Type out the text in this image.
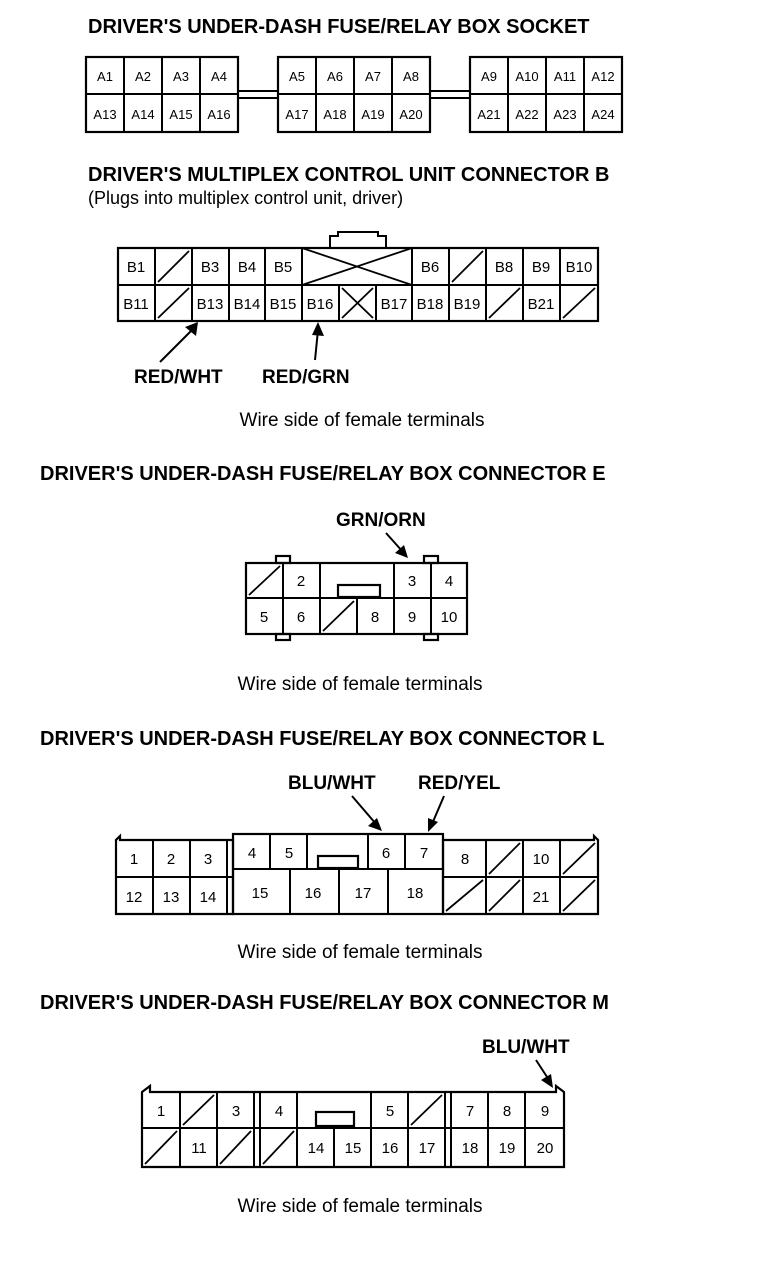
DRIVER'S UNDER-DASH FUSE/RELAY BOX SOCKET
A1 A2 A3 A4
A13 A14 A15 A16
A5 A6 A7 A8
A17 A18 A19 A20
A9 A10 A11 A12
A21 A22 A23 A24
DRIVER'S MULTIPLEX CONTROL UNIT CONNECTOR B
(Plugs into multiplex control unit, driver)
B1	B3 B4 B5	B6	B8 B9 B10
B11	B13 B14 B15 B16	B17 B18 B19	B21
RED/WHT RED/GRN
Wire side of female terminals
DRIVER'S UNDER-DASH FUSE/RELAY BOX CONNECTOR E
GRN/ORN
2	3 4
5 6	8 9 10
Wire side of female terminals
DRIVER'S UNDER-DASH FUSE/RELAY BOX CONNECTOR L
BLU/WHT RED/YEL
1 2 3 4 5	6 7 8	10
12 13 14 15 16 17 18	21
Wire side of female terminals
DRIVER'S UNDER-DASH FUSE/RELAY BOX CONNECTOR M
BLU/WHT
1	3 4	5	7 8 9
11	14 15 16 17 18 19 20
Wire side of female terminals
